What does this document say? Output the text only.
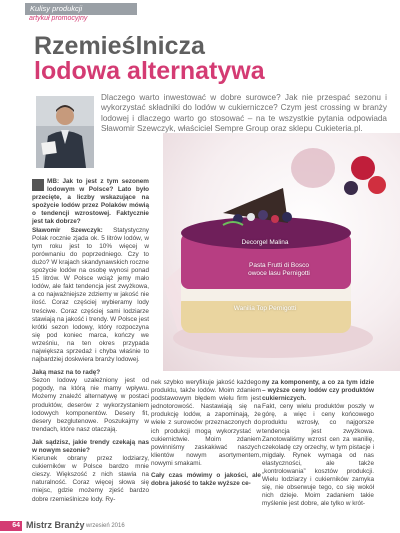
Kulisy produkcji
artykuł promocyjny
Rzemieślnicza
lodowa alternatywa

Dlaczego warto inwestować w dobre surowce? Jak nie przespać sezonu i wykorzystać składniki do lodów w cukierniczce? Czym jest crossing w branży lodowej i dlaczego warto go stosować – na te wszystkie pytania odpowiada Sławomir Szewczyk, właściciel Sempre Group oraz sklepu Cukieteria.pl.

Decorgel Malina
Pasta Frutti di Bosco owoce lasu Pernigotti
Wanilia Top Pernigotti

MB: Jak to jest z tym sezonem lodowym w Polsce? Lato było przecięte, a liczby wskazujące na spożycie lodów przez Polaków mówią o tendencji wzrostowej. Faktycznie jest tak dobrze?

Sławomir Szewczyk: Statystyczny Polak rocznie zjada ok. 5 litrów lodów, w tym roku jest to 10% więcej w porównaniu do poprzedniego. Czy to dużo? W krajach skandynawskich roczne spożycie lodów na osobę wynosi ponad 15 litrów. W Polsce wciąż jemy mało lodów, ale fakt tendencja jest zwyżkowa, a co najważniejsze zdziemy w jakość nie ilość. Coraz częściej wybieramy lody treściwe. Coraz częściej sami lodziarze stawiają na jakość i trendy. W Polsce jest krótki sezon lodowy, który rozpoczyna się pod koniec marca, kończy we wrześniu, na ten okres przypada największa sprzedaż i chyba właśnie to najbardziej doskwiera branży lodowej.

Jaką masz na to radę?

Sezon lodowy uzależniony jest od pogody, na którą nie mamy wpływu. Możemy znaleźć alternatywę w postaci produktów, deserów z wykorzystaniem lodowych komponentów. Desery fit, desery bezglutenowe. Poszukajmy w trendach, które nasz otaczają.

Jak sądzisz, jakie trendy czekają nas w nowym sezonie?

Kierunek obrany przez lodziarzy, cukierników w Polsce bardzo mnie cieszy. Większość z nich stawia na naturalność. Coraz więcej słowa się miejsc, gdzie możemy zjeść bardzo dobre rzemieślnicze lody. Ry-

nek szybko weryfikuje jakość każdego produktu, także lodów. Moim zdaniem podstawowym błędem wielu firm jest jednotorowość. Nastawiają się na produkcję lodów, a zapominają, że wiele z surowców przeznaczonych do ich produkcji mogą wykorzystać w cukiernictwie. Moim zdaniem powinniśmy zaskakiwać naszych klientów nowym asortymentem, nowymi smakami.

Cały czas mówimy o jakości, ale dobra jakość to także wyższe ce-

ny za komponenty, a co za tym idzie – wyższe ceny lodów czy produktów cukierniczych.

Fakt, ceny wielu produktów poszły w górę, a więc i ceny końcowego produktu wzrosły, co najgorsze tendencja jest zwyżkowa. Zanotowaliśmy wzrost cen za wanilię, czekoladę czy orzechy, w tym pistacje i migdały. Rynek wymaga od nas elastyczności, ale także „kontrolowania” kosztów produkcji. Wielu lodziarzy i cukierników zamyka się, nie obserwuje tego, co się wokół nich dzieje. Moim zadaniem takie myślenie jest dobre, ale tylko w krót-

64 Mistrz Branży wrzesień 2016
